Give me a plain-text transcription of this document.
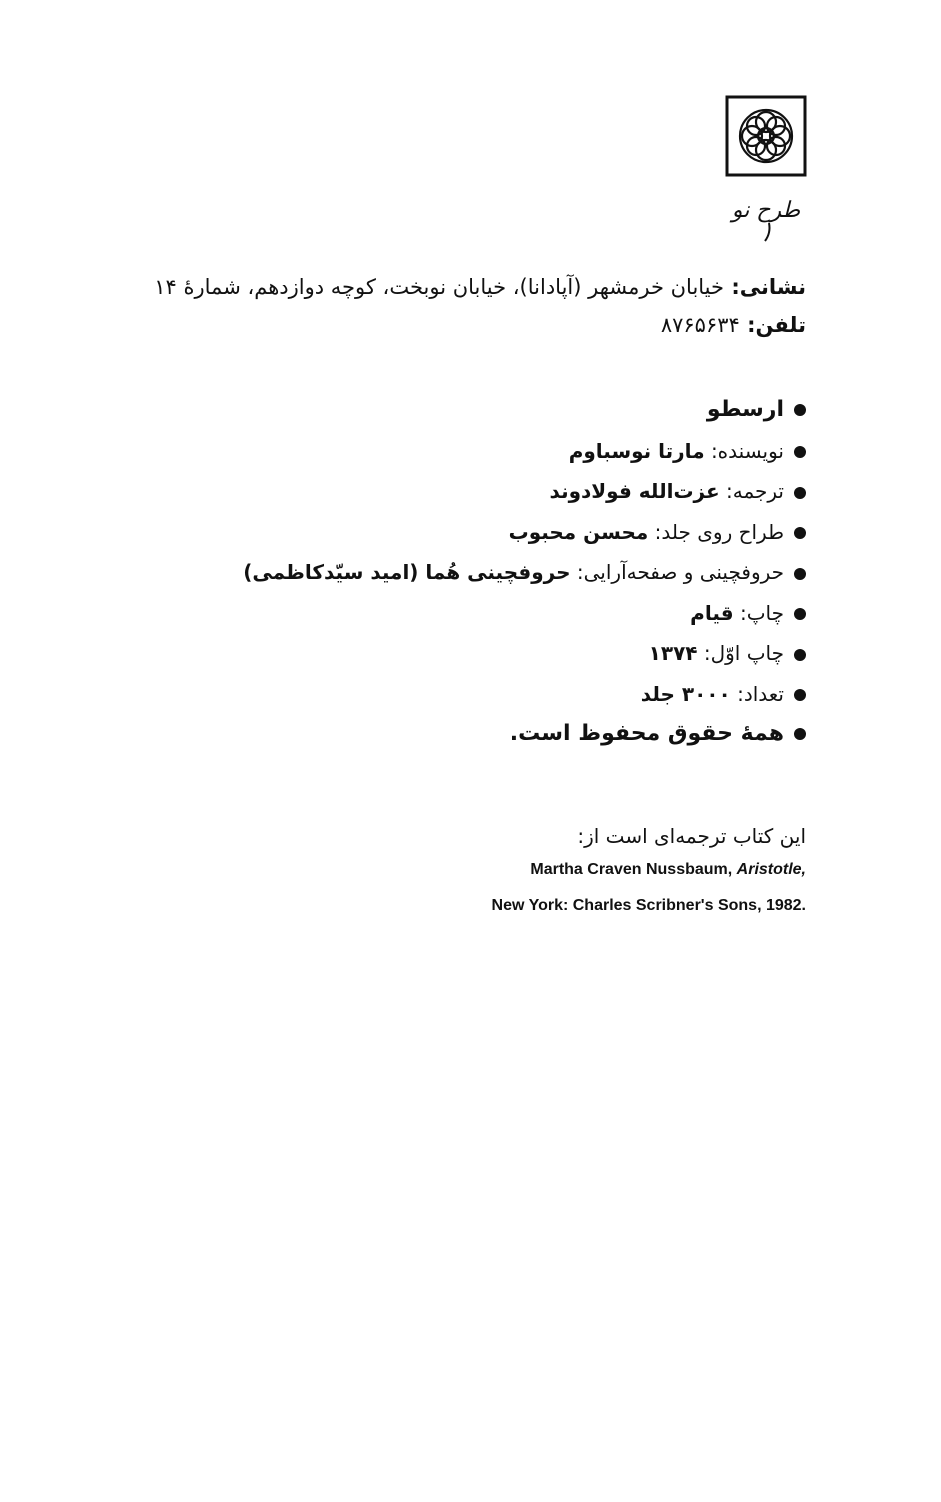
طرح نو
نشانی: خیابان خرمشهر (آپادانا)، خیابان نوبخت، کوچه دوازدهم، شمارهٔ ۱۴
تلفن: ۸۷۶۵۶۳۴
ارسطو
نویسنده: مارتا نوسباوم
ترجمه: عزت‌الله فولادوند
طراح روی جلد: محسن محبوب
حروفچینی و صفحه‌آرایی: حروفچینی هُما (امید سیّدکاظمی)
چاپ: قیام
چاپ اوّل: ۱۳۷۴
تعداد: ۳۰۰۰ جلد
همهٔ حقوق محفوظ است.
این کتاب ترجمه‌ای است از:
Martha Craven Nussbaum, Aristotle,
New York: Charles Scribner's Sons, 1982.
